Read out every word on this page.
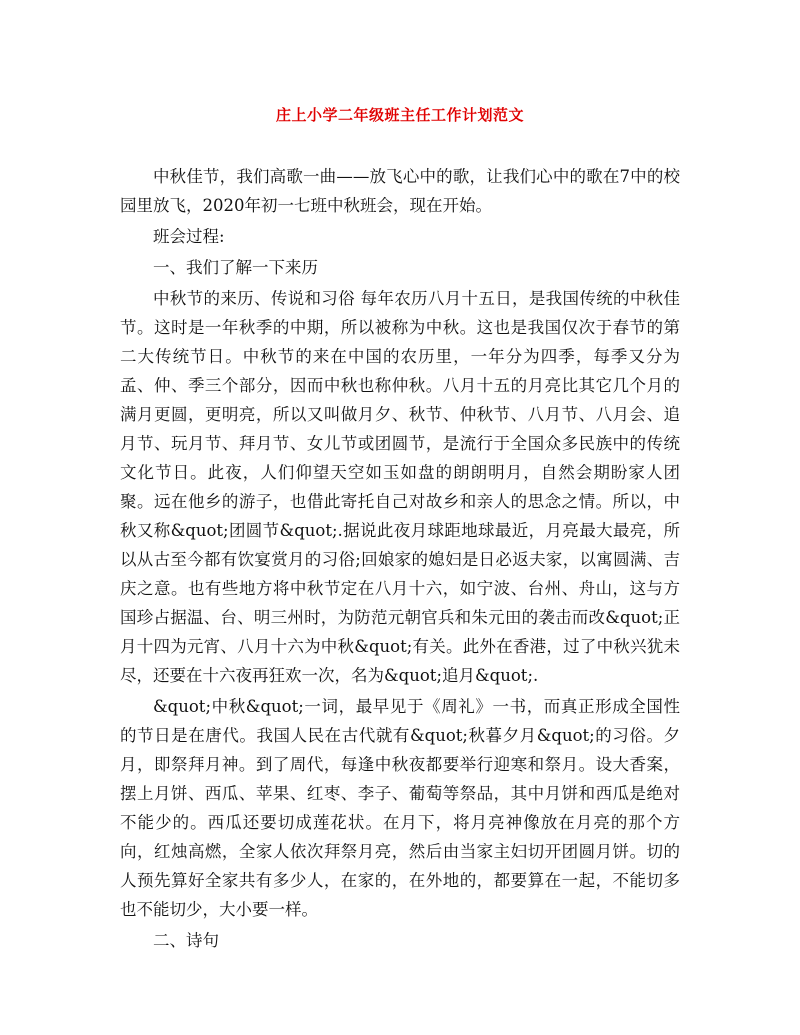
庄上小学二年级班主任工作计划范文

中秋佳节，我们高歌一曲——放飞心中的歌，让我们心中的歌在7中的校园里放飞，2020年初一七班中秋班会，现在开始。

班会过程:

一、我们了解一下来历

中秋节的来历、传说和习俗 每年农历八月十五日，是我国传统的中秋佳节。这时是一年秋季的中期，所以被称为中秋。这也是我国仅次于春节的第二大传统节日。中秋节的来在中国的农历里，一年分为四季，每季又分为孟、仲、季三个部分，因而中秋也称仲秋。八月十五的月亮比其它几个月的满月更圆，更明亮，所以又叫做月夕、秋节、仲秋节、八月节、八月会、追月节、玩月节、拜月节、女儿节或团圆节，是流行于全国众多民族中的传统文化节日。此夜，人们仰望天空如玉如盘的朗朗明月，自然会期盼家人团聚。远在他乡的游子，也借此寄托自己对故乡和亲人的思念之情。所以，中秋又称&quot;团圆节&quot;.据说此夜月球距地球最近，月亮最大最亮，所以从古至今都有饮宴赏月的习俗;回娘家的媳妇是日必返夫家，以寓圆满、吉庆之意。也有些地方将中秋节定在八月十六，如宁波、台州、舟山，这与方国珍占据温、台、明三州时，为防范元朝官兵和朱元田的袭击而改&quot;正月十四为元宵、八月十六为中秋&quot;有关。此外在香港，过了中秋兴犹未尽，还要在十六夜再狂欢一次，名为&quot;追月&quot;.

&quot;中秋&quot;一词，最早见于《周礼》一书，而真正形成全国性的节日是在唐代。我国人民在古代就有&quot;秋暮夕月&quot;的习俗。夕月，即祭拜月神。到了周代，每逢中秋夜都要举行迎寒和祭月。设大香案，摆上月饼、西瓜、苹果、红枣、李子、葡萄等祭品，其中月饼和西瓜是绝对不能少的。西瓜还要切成莲花状。在月下，将月亮神像放在月亮的那个方向，红烛高燃，全家人依次拜祭月亮，然后由当家主妇切开团圆月饼。切的人预先算好全家共有多少人，在家的，在外地的，都要算在一起，不能切多也不能切少，大小要一样。

二、诗句
